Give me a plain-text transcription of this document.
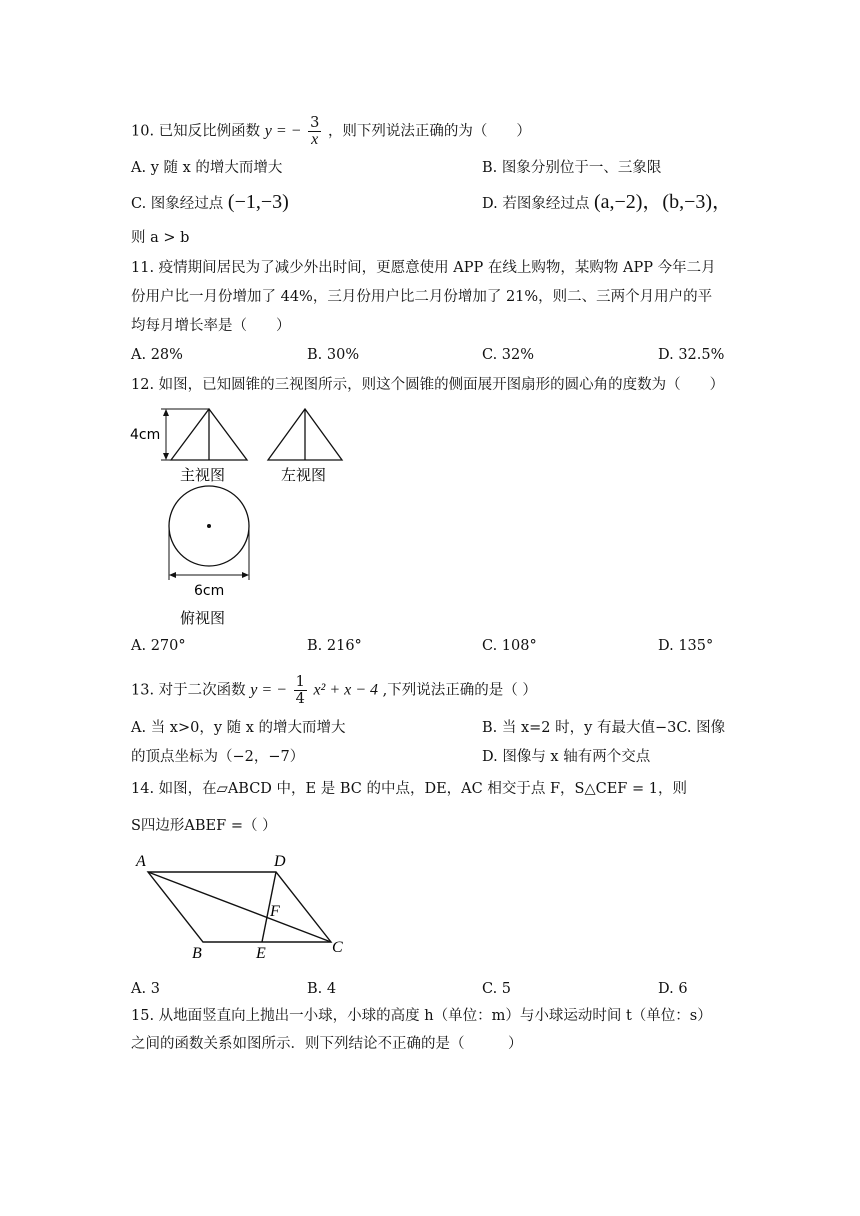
10. 已知反比例函数 y = − $\frac{3}{x}$ ，则下列说法正确的为（　　）
A. y 随 x 的增大而增大	B. 图象分别位于一、三象限
C. 图象经过点 (−1,−3)	D. 若图象经过点 (a,−2)，(b,−3)，
则 a > b
11. 疫情期间居民为了减少外出时间，更愿意使用 APP 在线上购物，某购物 APP 今年二月
份用户比一月份增加了 44%，三月份用户比二月份增加了 21%，则二、三两个月用户的平
均每月增长率是（　　）
A. 28%	B. 30%	C. 32%	D. 32.5%
12. 如图，已知圆锥的三视图所示，则这个圆锥的侧面展开图扇形的圆心角的度数为（　　）
4cm
主视图	左视图
6cm
俯视图
A. 270°	B. 216°	C. 108°	D. 135°
13. 对于二次函数 y = − $\frac{1}{4} x^2 + x - 4$ ,下列说法正确的是（ ）
A. 当 x>0，y 随 x 的增大而增大	B. 当 x=2 时，y 有最大值−3C. 图像
的顶点坐标为（−2，−7）	D. 图像与 x 轴有两个交点
14. 如图，在▱ABCD 中，E 是 BC 的中点，DE，AC 相交于点 F，S△CEF = 1，则
S四边形ABEF =（ ）
A	D
F
B	E	C
A. 3	B. 4	C. 5	D. 6
15. 从地面竖直向上抛出一小球，小球的高度 h（单位：m）与小球运动时间 t（单位：s）
之间的函数关系如图所示．则下列结论不正确的是（　　　）
